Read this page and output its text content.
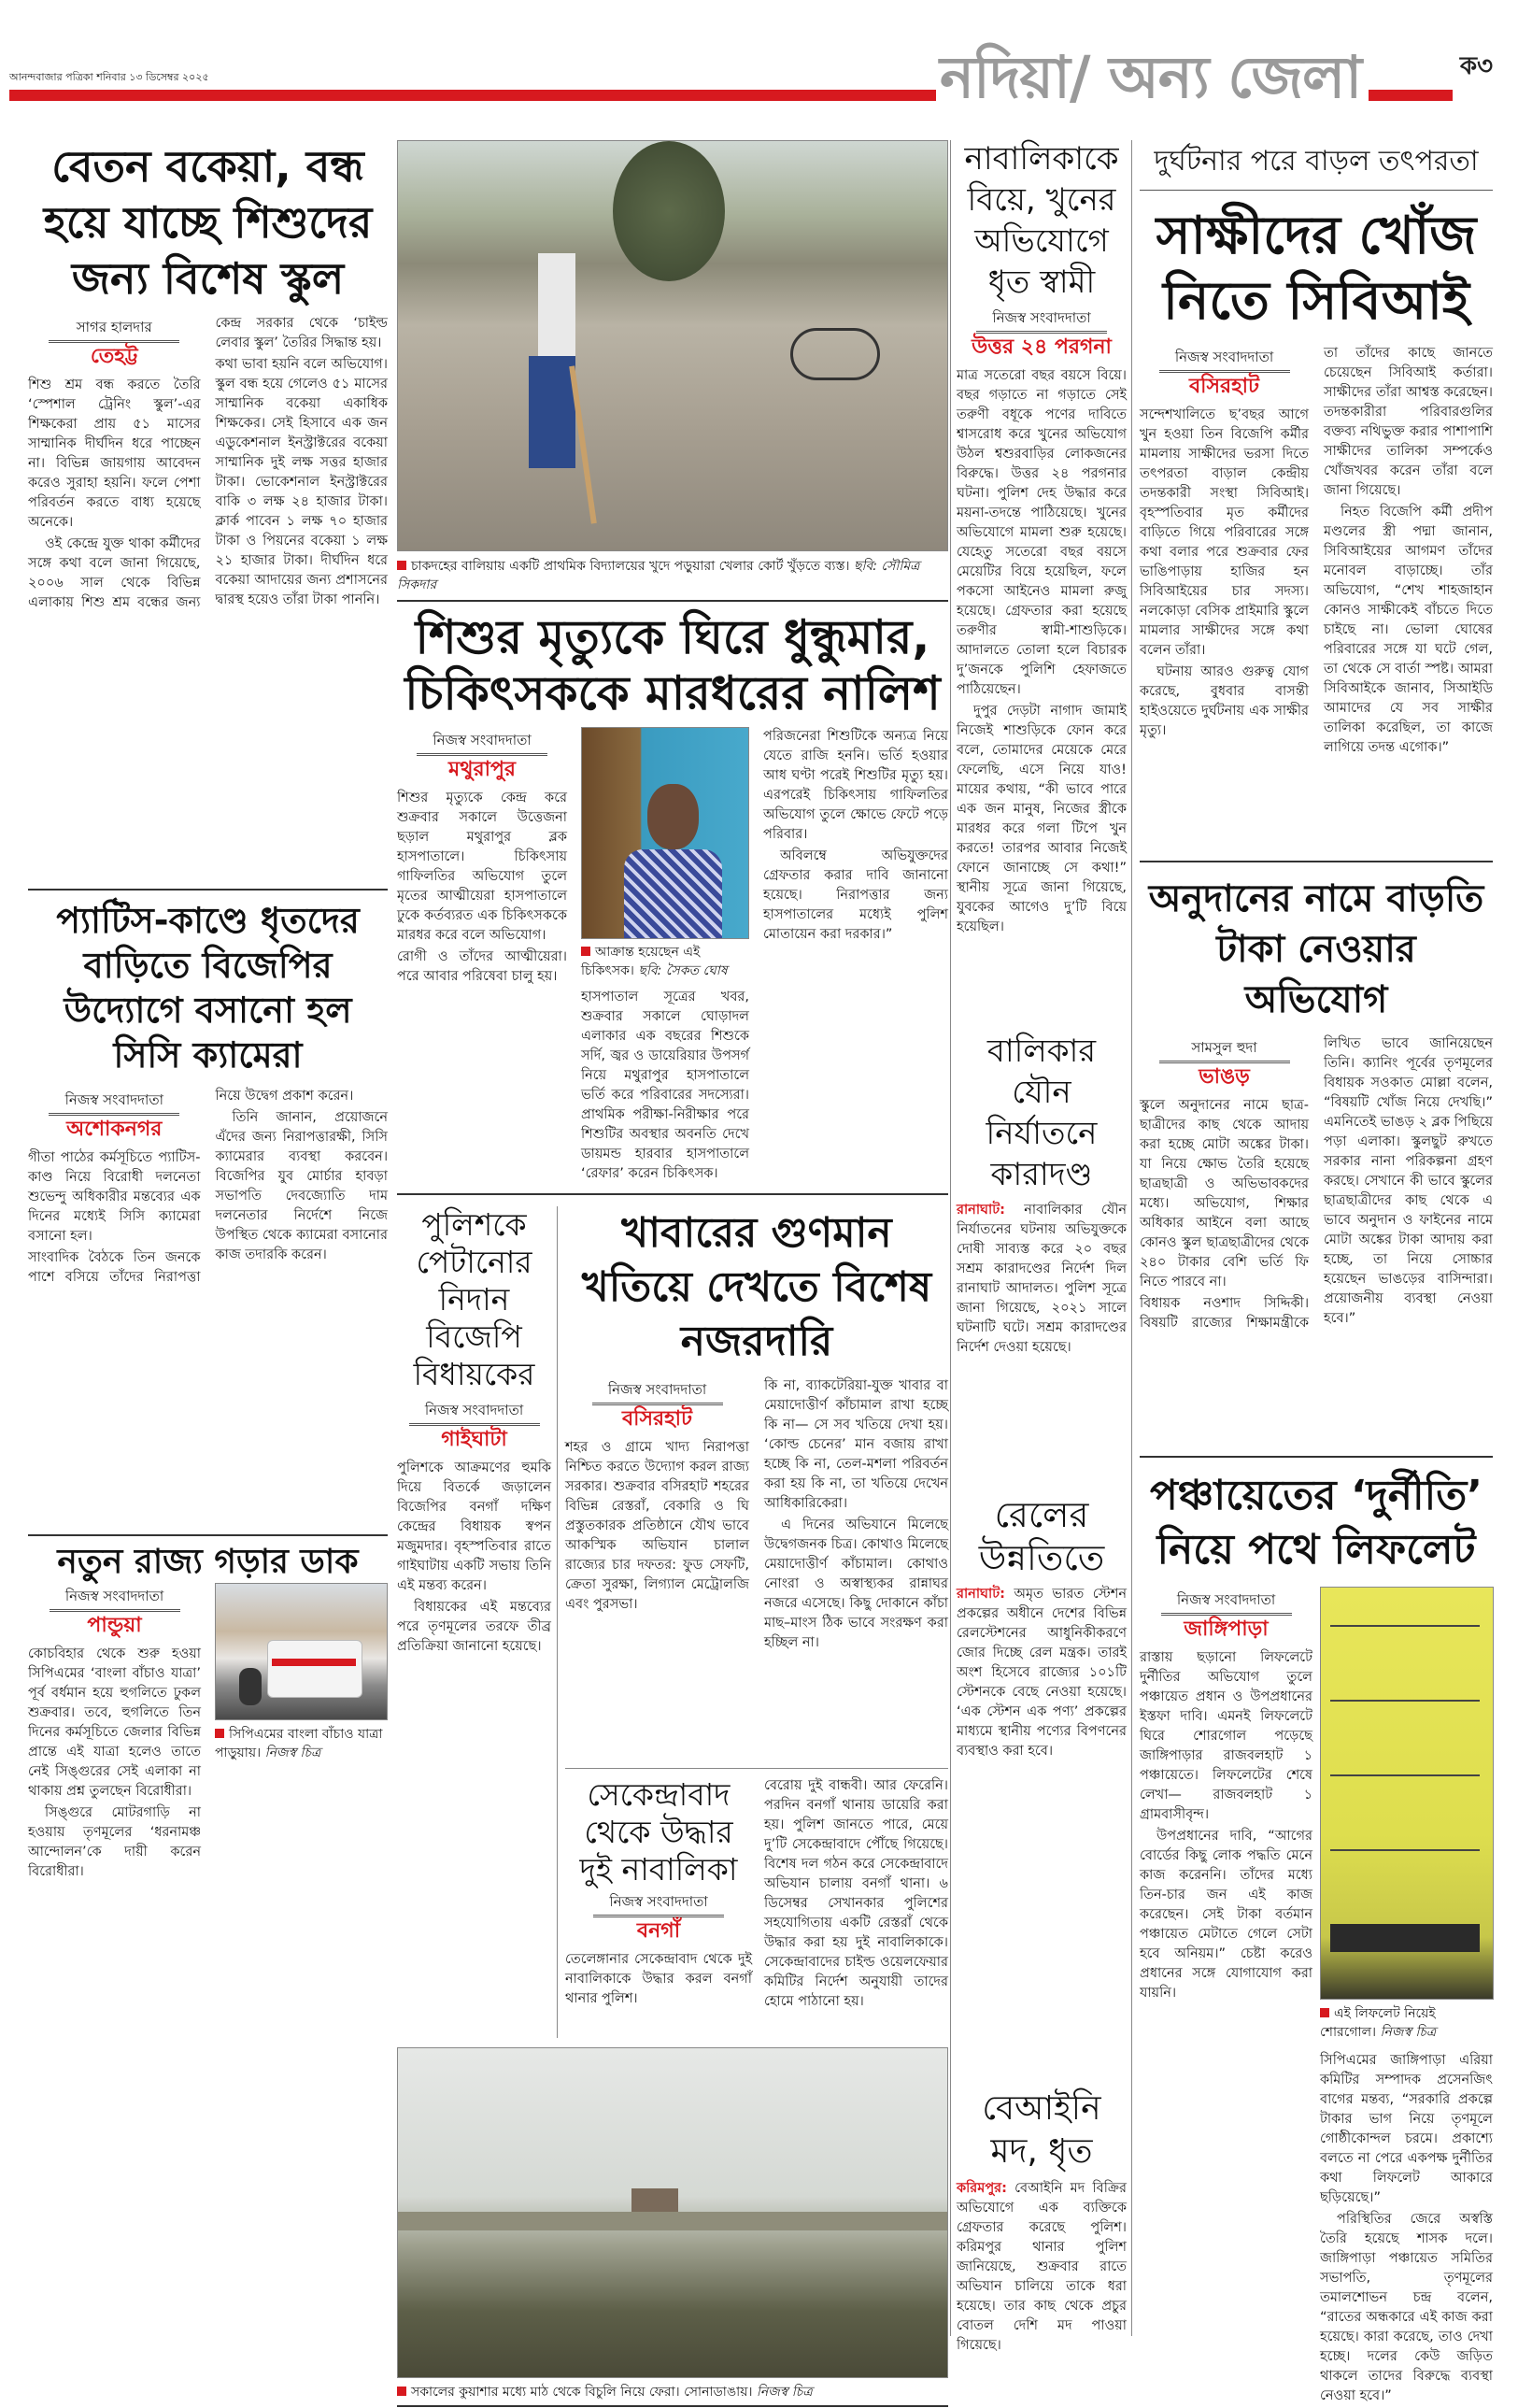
আনন্দবাজার পত্রিকা শনিবার ১৩ ডিসেম্বর ২০২৫	নদিয়া/ অন্য জেলা	ক৩
বেতন বকেয়া, বন্ধ হয়ে যাচ্ছে শিশুদের জন্য বিশেষ স্কুল
সাগর হালদার
তেহট্ট

শিশু শ্রম বন্ধ করতে তৈরি ‘স্পেশাল ট্রেনিং স্কুল’-এর শিক্ষকেরা প্রায় ৫১ মাসের সাম্মানিক দীর্ঘদিন ধরে পাচ্ছেন না। বিভিন্ন জায়গায় আবেদন করেও সুরাহা হয়নি। ফলে পেশা পরিবর্তন করতে বাধ্য হয়েছে অনেকে।

ওই কেন্দ্রে যুক্ত থাকা কর্মীদের সঙ্গে কথা বলে জানা গিয়েছে, ২০০৬ সাল থেকে বিভিন্ন এলাকায় শিশু শ্রম বন্ধের জন্য কেন্দ্র সরকার থেকে ‘চাইল্ড লেবার স্কুল’ তৈরির সিদ্ধান্ত হয়।

কথা ভাবা হয়নি বলে অভিযোগ। স্কুল বন্ধ হয়ে গেলেও ৫১ মাসের সাম্মানিক বকেয়া একাধিক শিক্ষকের। সেই হিসাবে এক জন এডুকেশনাল ইনস্ট্রাক্টরের বকেয়া সাম্মানিক দুই লক্ষ সত্তর হাজার টাকা। ভোকেশনাল ইনস্ট্রাক্টরের বাকি ৩ লক্ষ ২৪ হাজার টাকা। ক্লার্ক পাবেন ১ লক্ষ ৭০ হাজার টাকা ও পিয়নের বকেয়া ১ লক্ষ ২১ হাজার টাকা। দীর্ঘদিন ধরে বকেয়া আদায়ের জন্য প্রশাসনের দ্বারস্থ হয়েও তাঁরা টাকা পাননি।

প্যাটিস-কাণ্ডে ধৃতদের বাড়িতে বিজেপির উদ্যোগে বসানো হল সিসি ক্যামেরা
নিজস্ব সংবাদদাতা
অশোকনগর

গীতা পাঠের কর্মসূচিতে প্যাটিস-কাণ্ড নিয়ে বিরোধী দলনেতা শুভেন্দু অধিকারীর মন্তব্যের এক দিনের মধ্যেই সিসি ক্যামেরা বসানো হল।

সাংবাদিক বৈঠকে তিন জনকে পাশে বসিয়ে তাঁদের নিরাপত্তা নিয়ে উদ্বেগ প্রকাশ করেন।

তিনি জানান, প্রয়োজনে এঁদের জন্য নিরাপত্তারক্ষী, সিসি ক্যামেরার ব্যবস্থা করবেন। বিজেপির যুব মোর্চার হাবড়া সভাপতি দেবজ্যোতি দাম দলনেতার নির্দেশে নিজে উপস্থিত থেকে ক্যামেরা বসানোর কাজ তদারকি করেন।

নতুন রাজ্য গড়ার ডাক
নিজস্ব সংবাদদাতা
পান্ডুয়া

কোচবিহার থেকে শুরু হওয়া সিপিএমের ‘বাংলা বাঁচাও যাত্রা’ পূর্ব বর্ধমান হয়ে হুগলিতে ঢুকল শুক্রবার। তবে, হুগলিতে তিন দিনের কর্মসূচিতে জেলার বিভিন্ন প্রান্তে এই যাত্রা হলেও তাতে নেই সিঙ্গুরের সেই এলাকা না থাকায় প্রশ্ন তুলছেন বিরোধীরা।

সিঙ্গুরে মোটরগাড়ি না হওয়ায় তৃণমূলের ‘ধরনামঞ্চ আন্দোলন’কে দায়ী করেন বিরোধীরা।

সিপিএমের বাংলা বাঁচাও যাত্রা পাড়ুয়ায়। নিজস্ব চিত্র
চাকদহের বালিয়ায় একটি প্রাথমিক বিদ্যালয়ের খুদে পড়ুয়ারা খেলার কোর্ট খুঁড়তে ব্যস্ত। ছবি: সৌমিত্র সিকদার
শিশুর মৃত্যুকে ঘিরে ধুন্ধুমার, চিকিৎসককে মারধরের নালিশ
নিজস্ব সংবাদদাতা
মথুরাপুর

শিশুর মৃত্যুকে কেন্দ্র করে শুক্রবার সকালে উত্তেজনা ছড়াল মথুরাপুর ব্লক হাসপাতালে। চিকিৎসায় গাফিলতির অভিযোগ তুলে মৃতের আত্মীয়েরা হাসপাতালে ঢুকে কর্তব্যরত এক চিকিৎসককে মারধর করে বলে অভিযোগ।

রোগী ও তাঁদের আত্মীয়েরা। পরে আবার পরিষেবা চালু হয়।

আক্রান্ত হয়েছেন এই চিকিৎসক। ছবি: সৈকত ঘোষ

হাসপাতাল সূত্রের খবর, শুক্রবার সকালে ঘোড়াদল এলাকার এক বছরের শিশুকে সর্দি, জ্বর ও ডায়েরিয়ার উপসর্গ নিয়ে মথুরাপুর হাসপাতালে ভর্তি করে পরিবারের সদস্যেরা। প্রাথমিক পরীক্ষা-নিরীক্ষার পরে শিশুটির অবস্থার অবনতি দেখে ডায়মন্ড হারবার হাসপাতালে ‘রেফার’ করেন চিকিৎসক।

পরিজনেরা শিশুটিকে অন্যত্র নিয়ে যেতে রাজি হননি। ভর্তি হওয়ার আধ ঘণ্টা পরেই শিশুটির মৃত্যু হয়। এরপরেই চিকিৎসায় গাফিলতির অভিযোগ তুলে ক্ষোভে ফেটে পড়ে পরিবার।

অবিলম্বে অভিযুক্তদের গ্রেফতার করার দাবি জানানো হয়েছে। নিরাপত্তার জন্য হাসপাতালের মধ্যেই পুলিশ মোতায়েন করা দরকার।”

পুলিশকে পেটানোর নিদান বিজেপি বিধায়কের
নিজস্ব সংবাদদাতা
গাইঘাটা

পুলিশকে আক্রমণের হুমকি দিয়ে বিতর্কে জড়ালেন বিজেপির বনগাঁ দক্ষিণ কেন্দ্রের বিধায়ক স্বপন মজুমদার। বৃহস্পতিবার রাতে গাইঘাটায় একটি সভায় তিনি এই মন্তব্য করেন।

বিধায়কের এই মন্তব্যের পরে তৃণমূলের তরফে তীব্র প্রতিক্রিয়া জানানো হয়েছে।

খাবারের গুণমান খতিয়ে দেখতে বিশেষ নজরদারি
নিজস্ব সংবাদদাতা
বসিরহাট

শহর ও গ্রামে খাদ্য নিরাপত্তা নিশ্চিত করতে উদ্যোগ করল রাজ্য সরকার। শুক্রবার বসিরহাট শহরের বিভিন্ন রেস্তরাঁ, বেকারি ও ঘি প্রস্তুতকারক প্রতিষ্ঠানে যৌথ ভাবে আকস্মিক অভিযান চালাল রাজ্যের চার দফতর: ফুড সেফটি, ক্রেতা সুরক্ষা, লিগ্যাল মেট্রোলজি এবং পুরসভা।

কি না, ব্যাকটেরিয়া-যুক্ত খাবার বা মেয়াদোত্তীর্ণ কাঁচামাল রাখা হচ্ছে কি না— সে সব খতিয়ে দেখা হয়। ‘কোল্ড চেনের’ মান বজায় রাখা হচ্ছে কি না, তেল-মশলা পরিবর্তন করা হয় কি না, তা খতিয়ে দেখেন আধিকারিকেরা।

এ দিনের অভিযানে মিলেছে উদ্বেগজনক চিত্র। কোথাও মিলেছে মেয়াদোত্তীর্ণ কাঁচামাল। কোথাও নোংরা ও অস্বাস্থ্যকর রান্নাঘর নজরে এসেছে। কিছু দোকানে কাঁচা মাছ–মাংস ঠিক ভাবে সংরক্ষণ করা হচ্ছিল না।

সেকেন্দ্রাবাদ থেকে উদ্ধার দুই নাবালিকা
নিজস্ব সংবাদদাতা
বনগাঁ

তেলেঙ্গানার সেকেন্দ্রাবাদ থেকে দুই নাবালিকাকে উদ্ধার করল বনগাঁ থানার পুলিশ।

বেরোয় দুই বান্ধবী। আর ফেরেনি। পরদিন বনগাঁ থানায় ডায়েরি করা হয়। পুলিশ জানতে পারে, মেয়ে দু’টি সেকেন্দ্রাবাদে পৌঁছে গিয়েছে। বিশেষ দল গঠন করে সেকেন্দ্রাবাদে অভিযান চালায় বনগাঁ থানা। ৬ ডিসেম্বর সেখানকার পুলিশের সহযোগিতায় একটি রেস্তরাঁ থেকে উদ্ধার করা হয় দুই নাবালিকাকে। সেকেন্দ্রাবাদের চাইল্ড ওয়েলফেয়ার কমিটির নির্দেশ অনুযায়ী তাদের হোমে পাঠানো হয়।

সকালের কুয়াশার মধ্যে মাঠ থেকে বিচুলি নিয়ে ফেরা। সোনাডাঙায়। নিজস্ব চিত্র
নাবালিকাকে বিয়ে, খুনের অভিযোগে ধৃত স্বামী
নিজস্ব সংবাদদাতা
উত্তর ২৪ পরগনা

মাত্র সতেরো বছর বয়সে বিয়ে। বছর গড়াতে না গড়াতে সেই তরুণী বধূকে পণের দাবিতে শ্বাসরোধ করে খুনের অভিযোগ উঠল শ্বশুরবাড়ির লোকজনের বিরুদ্ধে। উত্তর ২৪ পরগনার ঘটনা। পুলিশ দেহ উদ্ধার করে ময়না-তদন্তে পাঠিয়েছে। খুনের অভিযোগে মামলা শুরু হয়েছে। যেহেতু সতেরো বছর বয়সে মেয়েটির বিয়ে হয়েছিল, ফলে পকসো আইনেও মামলা রুজু হয়েছে। গ্রেফতার করা হয়েছে তরুণীর স্বামী-শাশুড়িকে। আদালতে তোলা হলে বিচারক দু’জনকে পুলিশি হেফাজতে পাঠিয়েছেন।

দুপুর দেড়টা নাগাদ জামাই নিজেই শাশুড়িকে ফোন করে বলে, তোমাদের মেয়েকে মেরে ফেলেছি, এসে নিয়ে যাও! মায়ের কথায়, “কী ভাবে পারে এক জন মানুষ, নিজের স্ত্রীকে মারধর করে গলা টিপে খুন করতে! তারপর আবার নিজেই ফোনে জানাচ্ছে সে কথা!” স্থানীয় সূত্রে জানা গিয়েছে, যুবকের আগেও দু’টি বিয়ে হয়েছিল।

বালিকার যৌন নির্যাতনে কারাদণ্ড

রানাঘাট: নাবালিকার যৌন নির্যাতনের ঘটনায় অভিযুক্তকে দোষী সাব্যস্ত করে ২০ বছর সশ্রম কারাদণ্ডের নির্দেশ দিল রানাঘাট আদালত। পুলিশ সূত্রে জানা গিয়েছে, ২০২১ সালে ঘটনাটি ঘটে। সশ্রম কারাদণ্ডের নির্দেশ দেওয়া হয়েছে।

রেলের উন্নতিতে

রানাঘাট: অমৃত ভারত স্টেশন প্রকল্পের অধীনে দেশের বিভিন্ন রেলস্টেশনের আধুনিকীকরণে জোর দিচ্ছে রেল মন্ত্রক। তারই অংশ হিসেবে রাজ্যের ১০১টি স্টেশনকে বেছে নেওয়া হয়েছে। ‘এক স্টেশন এক পণ্য’ প্রকল্পের মাধ্যমে স্থানীয় পণ্যের বিপণনের ব্যবস্থাও করা হবে।

বেআইনি মদ, ধৃত

করিমপুর: বেআইনি মদ বিক্রির অভিযোগে এক ব্যক্তিকে গ্রেফতার করেছে পুলিশ। করিমপুর থানার পুলিশ জানিয়েছে, শুক্রবার রাতে অভিযান চালিয়ে তাকে ধরা হয়েছে। তার কাছ থেকে প্রচুর বোতল দেশি মদ পাওয়া গিয়েছে।

দুর্ঘটনার পরে বাড়ল তৎপরতা
সাক্ষীদের খোঁজ নিতে সিবিআই
নিজস্ব সংবাদদাতা
বসিরহাট

সন্দেশখালিতে ছ’বছর আগে খুন হওয়া তিন বিজেপি কর্মীর মামলায় সাক্ষীদের ভরসা দিতে তৎপরতা বাড়াল কেন্দ্রীয় তদন্তকারী সংস্থা সিবিআই। বৃহস্পতিবার মৃত কর্মীদের বাড়িতে গিয়ে পরিবারের সঙ্গে কথা বলার পরে শুক্রবার ফের ভাঙিপাড়ায় হাজির হন সিবিআইয়ের চার সদস্য। নলকোড়া বেসিক প্রাইমারি স্কুলে মামলার সাক্ষীদের সঙ্গে কথা বলেন তাঁরা।

ঘটনায় আরও গুরুত্ব যোগ করেছে, বুধবার বাসন্তী হাইওয়েতে দুর্ঘটনায় এক সাক্ষীর মৃত্যু।

তা তাঁদের কাছে জানতে চেয়েছেন সিবিআই কর্তারা। সাক্ষীদের তাঁরা আশ্বস্ত করেছেন। তদন্তকারীরা পরিবারগুলির বক্তব্য নথিভুক্ত করার পাশাপাশি সাক্ষীদের তালিকা সম্পর্কেও খোঁজখবর করেন তাঁরা বলে জানা গিয়েছে।

নিহত বিজেপি কর্মী প্রদীপ মণ্ডলের স্ত্রী পদ্মা জানান, সিবিআইয়ের আগমণ তাঁদের মনোবল বাড়াচ্ছে। তাঁর অভিযোগ, “শেখ শাহজাহান কোনও সাক্ষীকেই বাঁচতে দিতে চাইছে না। ভোলা ঘোষের পরিবারের সঙ্গে যা ঘটে গেল, তা থেকে সে বার্তা স্পষ্ট। আমরা সিবিআইকে জানাব, সিআইডি আমাদের যে সব সাক্ষীর তালিকা করেছিল, তা কাজে লাগিয়ে তদন্ত এগোক।”

অনুদানের নামে বাড়তি টাকা নেওয়ার অভিযোগ
সামসুল হুদা
ভাঙড়

স্কুলে অনুদানের নামে ছাত্র-ছাত্রীদের কাছ থেকে আদায় করা হচ্ছে মোটা অঙ্কের টাকা। যা নিয়ে ক্ষোভ তৈরি হয়েছে ছাত্রছাত্রী ও অভিভাবকদের মধ্যে। অভিযোগ, শিক্ষার অধিকার আইনে বলা আছে কোনও স্কুল ছাত্রছাত্রীদের থেকে ২৪০ টাকার বেশি ভর্তি ফি নিতে পারবে না।

বিধায়ক নওশাদ সিদ্দিকী। বিষয়টি রাজ্যের শিক্ষামন্ত্রীকে লিখিত ভাবে জানিয়েছেন তিনি। ক্যানিং পূর্বের তৃণমূলের বিধায়ক সওকাত মোল্লা বলেন, “বিষয়টি খোঁজ নিয়ে দেখছি।” এমনিতেই ভাঙড় ২ ব্লক পিছিয়ে পড়া এলাকা। স্কুলছুট রুখতে সরকার নানা পরিকল্পনা গ্রহণ করছে। সেখানে কী ভাবে স্কুলের ছাত্রছাত্রীদের কাছ থেকে এ ভাবে অনুদান ও ফাইনের নামে মোটা অঙ্কের টাকা আদায় করা হচ্ছে, তা নিয়ে সোচ্চার হয়েছেন ভাঙড়ের বাসিন্দারা। প্রয়োজনীয় ব্যবস্থা নেওয়া হবে।”

পঞ্চায়েতের ‘দুর্নীতি’ নিয়ে পথে লিফলেট
নিজস্ব সংবাদদাতা
জাঙ্গিপাড়া

রাস্তায় ছড়ানো লিফলেটে দুর্নীতির অভিযোগ তুলে পঞ্চায়েত প্রধান ও উপপ্রধানের ইস্তফা দাবি। এমনই লিফলেটে ঘিরে শোরগোল পড়েছে জাঙ্গিপাড়ার রাজবলহাট ১ পঞ্চায়েতে। লিফলেটের শেষে লেখা— রাজবলহাট ১ গ্রামবাসীবৃন্দ।

উপপ্রধানের দাবি, “আগের বোর্ডের কিছু লোক পদ্ধতি মেনে কাজ করেননি। তাঁদের মধ্যে তিন-চার জন এই কাজ করেছেন। সেই টাকা বর্তমান পঞ্চায়েত মেটাতে গেলে সেটা হবে অনিয়ম।” চেষ্টা করেও প্রধানের সঙ্গে যোগাযোগ করা যায়নি।

এই লিফলেট নিয়েই শোরগোল। নিজস্ব চিত্র

সিপিএমের জাঙ্গিপাড়া এরিয়া কমিটির সম্পাদক প্রসেনজিৎ বাগের মন্তব্য, “সরকারি প্রকল্পে টাকার ভাগ নিয়ে তৃণমূলে গোষ্ঠীকোন্দল চরমে। প্রকাশ্যে বলতে না পেরে একপক্ষ দুর্নীতির কথা লিফলেট আকারে ছড়িয়েছে।”

পরিস্থিতির জেরে অস্বস্তি তৈরি হয়েছে শাসক দলে। জাঙ্গিপাড়া পঞ্চায়েত সমিতির সভাপতি, তৃণমূলের তমালশোভন চন্দ্র বলেন, “রাতের অন্ধকারে এই কাজ করা হয়েছে। কারা করেছে, তাও দেখা হচ্ছে। দলের কেউ জড়িত থাকলে তাদের বিরুদ্ধে ব্যবস্থা নেওয়া হবে।”
